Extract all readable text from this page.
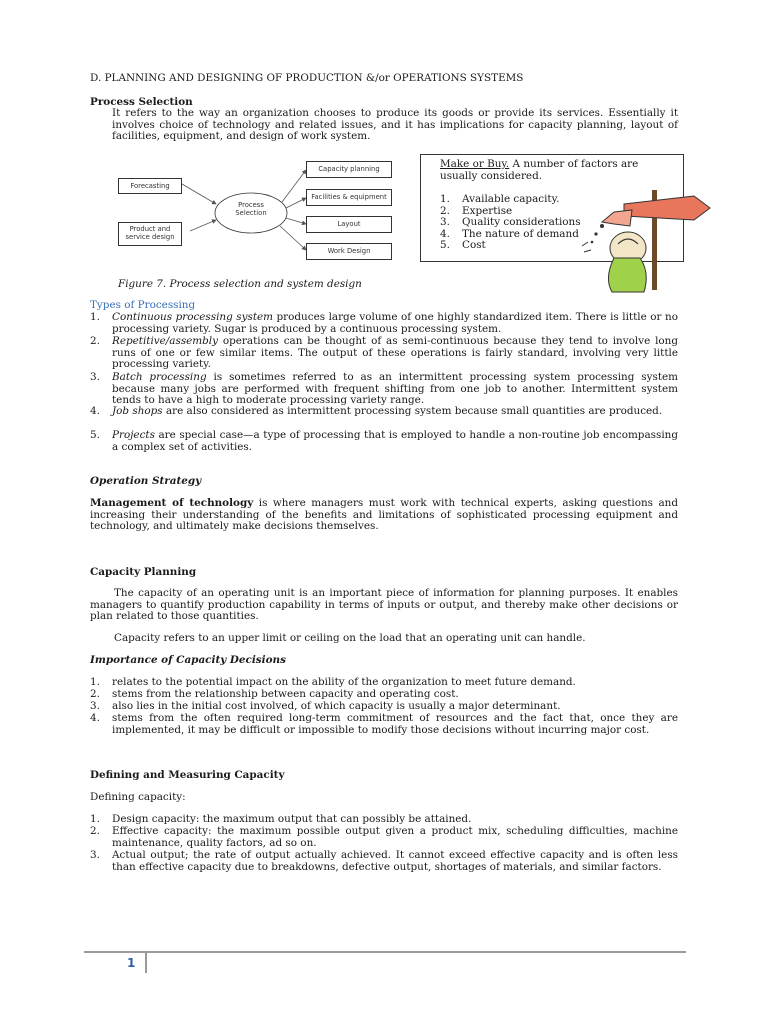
D. PLANNING AND DESIGNING OF PRODUCTION &/or OPERATIONS SYSTEMS
Process Selection
It refers to the way an organization chooses to produce its goods or provide its services. Essentially it involves choice of technology and related issues, and it has implications for capacity planning, layout of facilities, equipment, and design of work system.
Forecasting
Product and service design
Process Selection
Capacity planning
Facilities & equipment
Layout
Work Design
Figure 7. Process selection and system design
Make or Buy. A number of factors are usually considered.
1. Available capacity.
2. Expertise
3. Quality considerations
4. The nature of demand
5. Cost
Types of Processing
1.	Continuous processing system produces large volume of one highly standardized item. There is little or no processing variety. Sugar is produced by a continuous processing system.
2.	Repetitive/assembly operations can be thought of as semi-continuous because they tend to involve long runs of one or few similar items. The output of these operations is fairly standard, involving very little processing variety.
3.	Batch processing is sometimes referred to as an intermittent processing system processing system because many jobs are performed with frequent shifting from one job to another. Intermittent system tends to have a high to moderate processing variety range.
4.	Job shops are also considered as intermittent processing system because small quantities are produced.
5.	Projects are special case—a type of processing that is employed to handle a non-routine job encompassing a complex set of activities.
Operation Strategy
Management of technology is where managers must work with technical experts, asking questions and increasing their understanding of the benefits and limitations of sophisticated processing equipment and technology, and ultimately make decisions themselves.
Capacity Planning
The capacity of an operating unit is an important piece of information for planning purposes. It enables managers to quantify production capability in terms of inputs or output, and thereby make other decisions or plan related to those quantities.
Capacity refers to an upper limit or ceiling on the load that an operating unit can handle.
Importance of Capacity Decisions
1.	relates to the potential impact on the ability of the organization to meet future demand.
2.	stems from the relationship between capacity and operating cost.
3.	also lies in the initial cost involved, of which capacity is usually a major determinant.
4.	stems from the often required long-term commitment of resources and the fact that, once they are implemented, it may be difficult or impossible to modify those decisions without incurring major cost.
Defining and Measuring Capacity
Defining capacity:
1.	Design capacity: the maximum output that can possibly be attained.
2.	Effective capacity: the maximum possible output given a product mix, scheduling difficulties, machine maintenance, quality factors, ad so on.
3.	Actual output; the rate of output actually achieved. It cannot exceed effective capacity and is often less than effective capacity due to breakdowns, defective output, shortages of materials, and similar factors.
1
